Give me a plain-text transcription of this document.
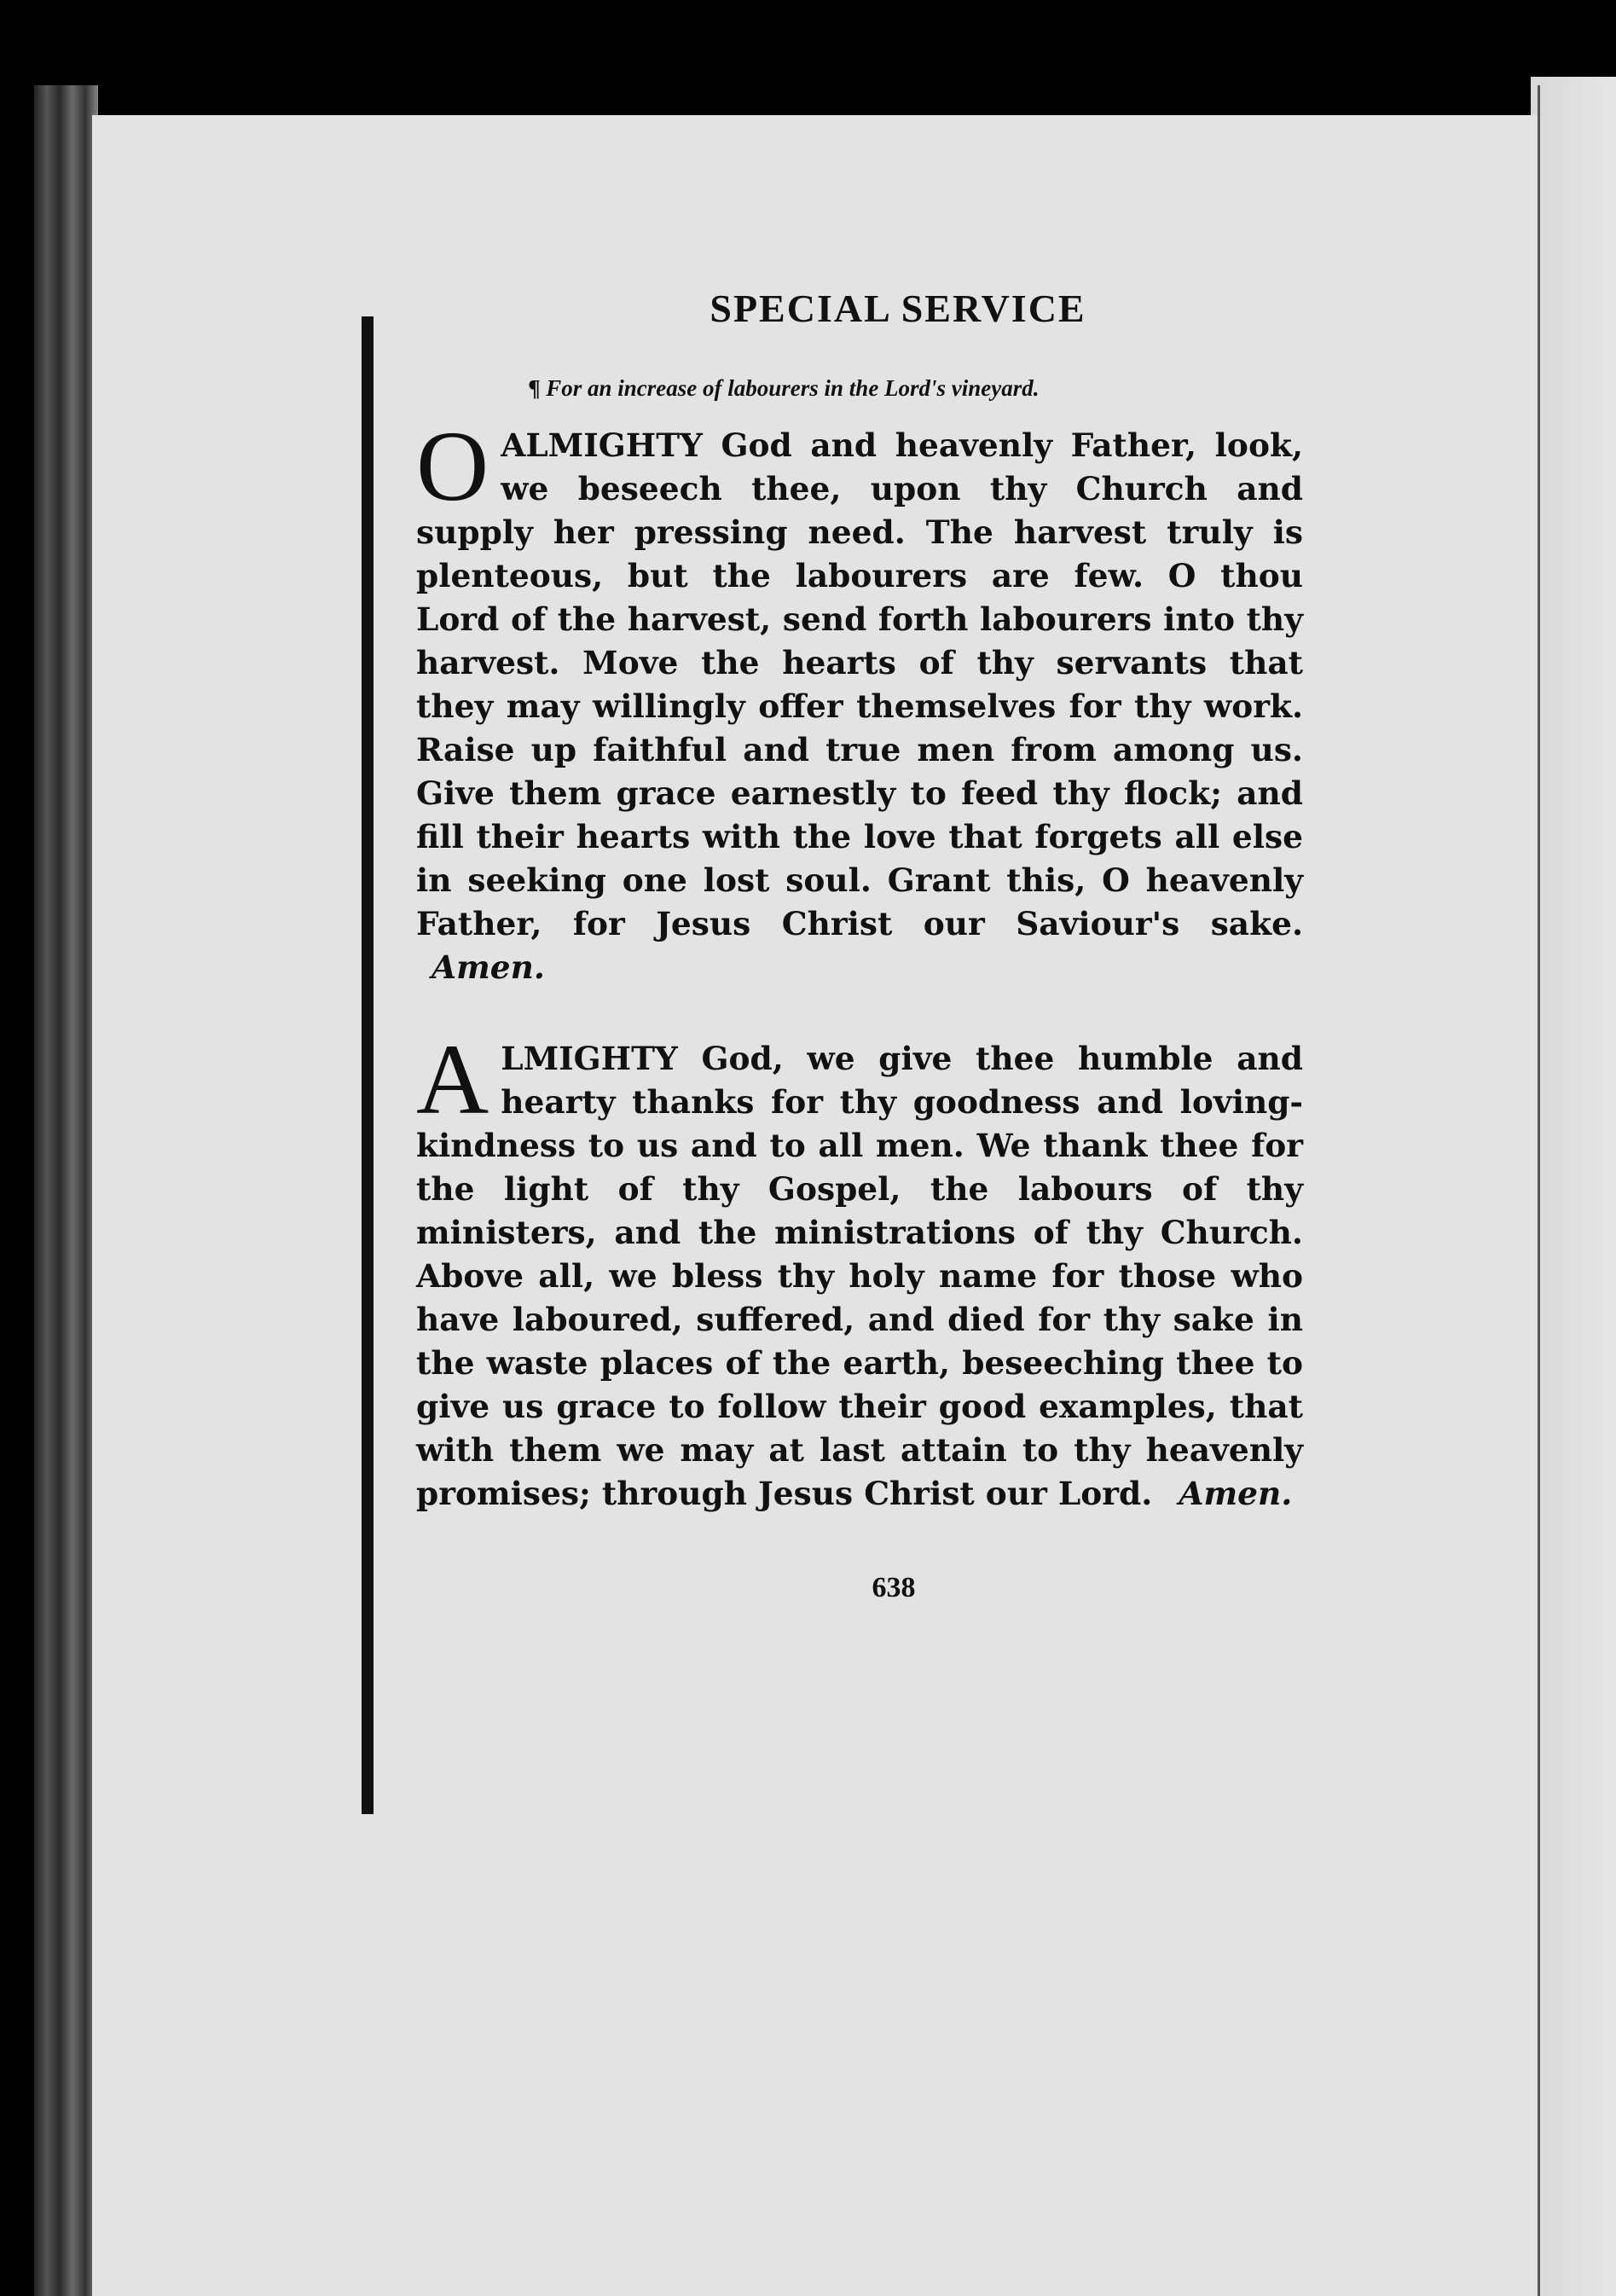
SPECIAL SERVICE
¶ For an increase of labourers in the Lord's vineyard.

O ALMIGHTY God and heavenly Father, look, we beseech thee, upon thy Church and supply her pressing need. The harvest truly is plenteous, but the labourers are few. O thou Lord of the harvest, send forth labourers into thy harvest. Move the hearts of thy servants that they may willingly offer themselves for thy work. Raise up faithful and true men from among us. Give them grace earnestly to feed thy flock; and fill their hearts with the love that forgets all else in seeking one lost soul. Grant this, O heavenly Father, for Jesus Christ our Saviour's sake. Amen.

A LMIGHTY God, we give thee humble and hearty thanks for thy goodness and loving-kindness to us and to all men. We thank thee for the light of thy Gospel, the labours of thy ministers, and the ministrations of thy Church. Above all, we bless thy holy name for those who have laboured, suffered, and died for thy sake in the waste places of the earth, beseeching thee to give us grace to follow their good examples, that with them we may at last attain to thy heavenly promises; through Jesus Christ our Lord. Amen.

638
